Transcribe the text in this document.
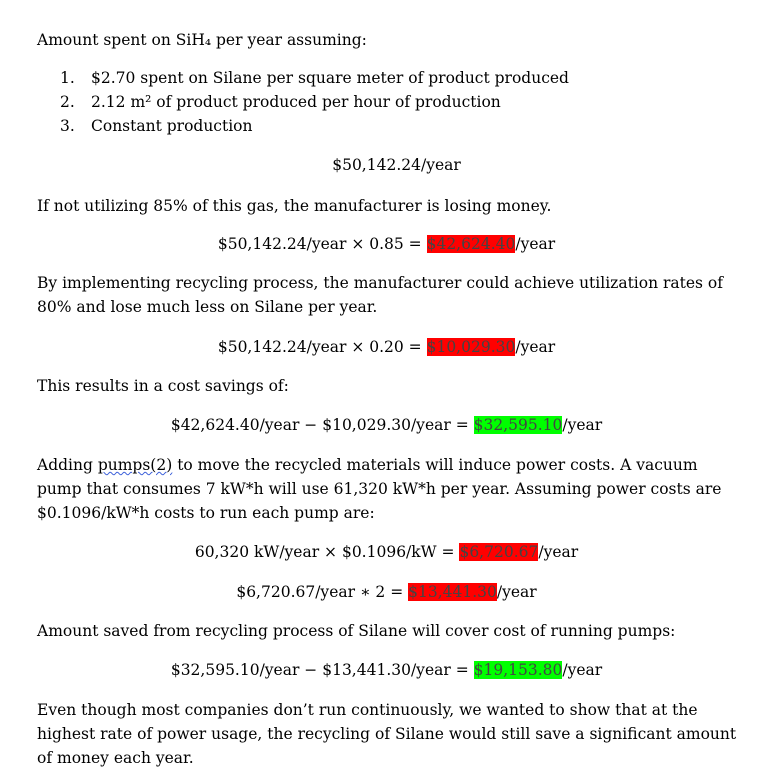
Amount spent on SiH₄ per year assuming:
1. $2.70 spent on Silane per square meter of product produced
2. 2.12 m² of product produced per hour of production
3. Constant production
$50,142.24/year
If not utilizing 85% of this gas, the manufacturer is losing money.
$50,142.24/year × 0.85 = $42,624.40/year
By implementing recycling process, the manufacturer could achieve utilization rates of 80% and lose much less on Silane per year.
$50,142.24/year × 0.20 = $10,029.30/year
This results in a cost savings of:
$42,624.40/year − $10,029.30/year = $32,595.10/year
Adding pumps(2) to move the recycled materials will induce power costs. A vacuum pump that consumes 7 kW*h will use 61,320 kW*h per year. Assuming power costs are $0.1096/kW*h costs to run each pump are:
60,320 kW/year × $0.1096/kW = $6,720.67/year
$6,720.67/year ∗ 2 = $13,441.30/year
Amount saved from recycling process of Silane will cover cost of running pumps:
$32,595.10/year − $13,441.30/year = $19,153.80/year
Even though most companies don’t run continuously, we wanted to show that at the highest rate of power usage, the recycling of Silane would still save a significant amount of money each year.
